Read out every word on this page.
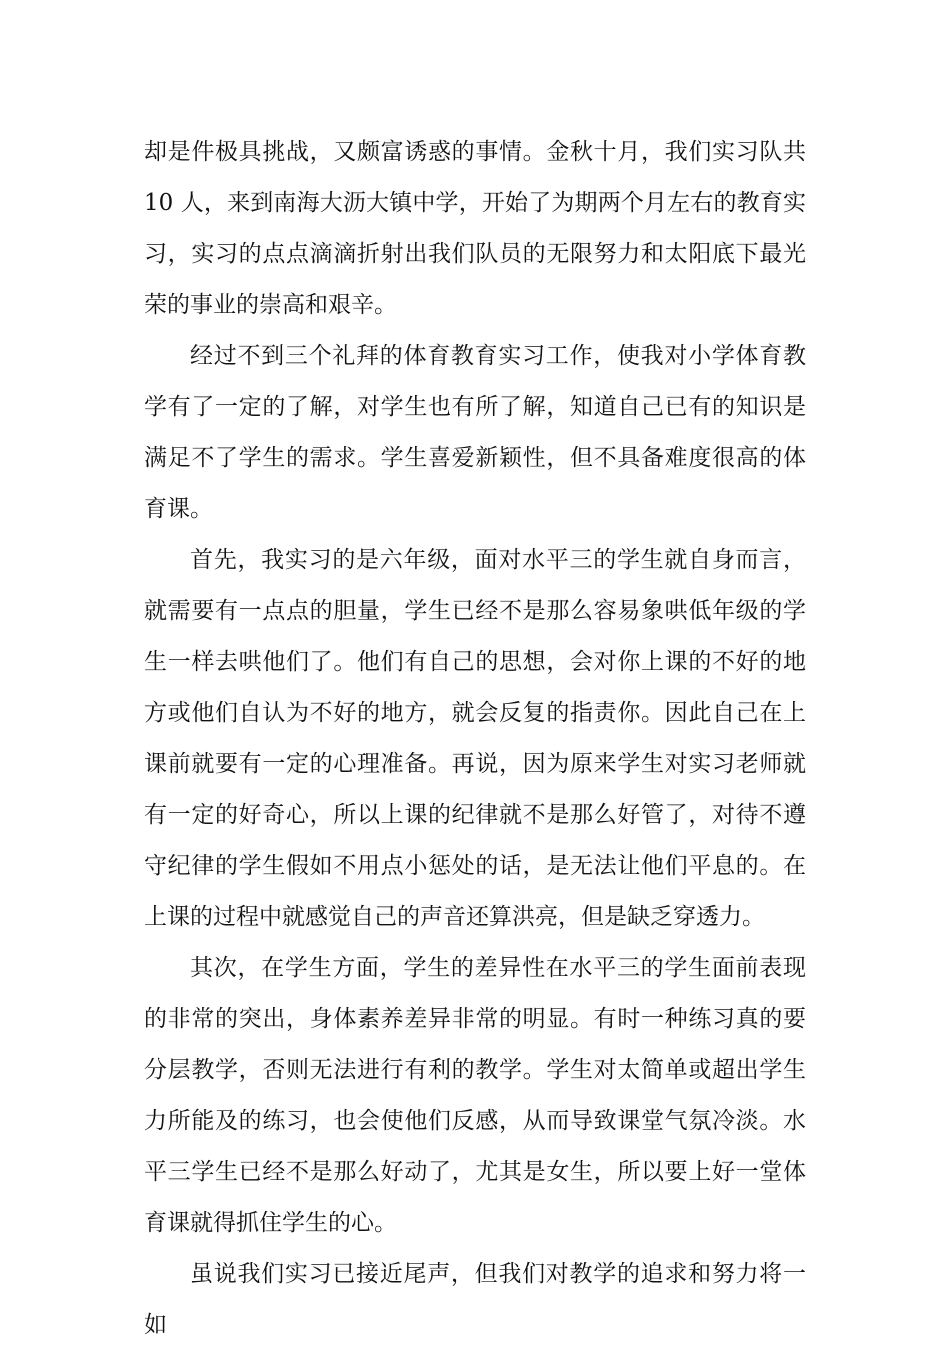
却是件极具挑战，又颇富诱惑的事情。金秋十月，我们实习队共 10 人，来到南海大沥大镇中学，开始了为期两个月左右的教育实习，实习的点点滴滴折射出我们队员的无限努力和太阳底下最光荣的事业的崇高和艰辛。

经过不到三个礼拜的体育教育实习工作，使我对小学体育教学有了一定的了解，对学生也有所了解，知道自己已有的知识是满足不了学生的需求。学生喜爱新颖性，但不具备难度很高的体育课。

首先，我实习的是六年级，面对水平三的学生就自身而言，就需要有一点点的胆量，学生已经不是那么容易象哄低年级的学生一样去哄他们了。他们有自己的思想，会对你上课的不好的地方或他们自认为不好的地方，就会反复的指责你。因此自己在上课前就要有一定的心理准备。再说，因为原来学生对实习老师就有一定的好奇心，所以上课的纪律就不是那么好管了，对待不遵守纪律的学生假如不用点小惩处的话，是无法让他们平息的。在上课的过程中就感觉自己的声音还算洪亮，但是缺乏穿透力。

其次，在学生方面，学生的差异性在水平三的学生面前表现的非常的突出，身体素养差异非常的明显。有时一种练习真的要分层教学，否则无法进行有利的教学。学生对太简单或超出学生力所能及的练习，也会使他们反感，从而导致课堂气氛冷淡。水平三学生已经不是那么好动了，尤其是女生，所以要上好一堂体育课就得抓住学生的心。

虽说我们实习已接近尾声，但我们对教学的追求和努力将一如
